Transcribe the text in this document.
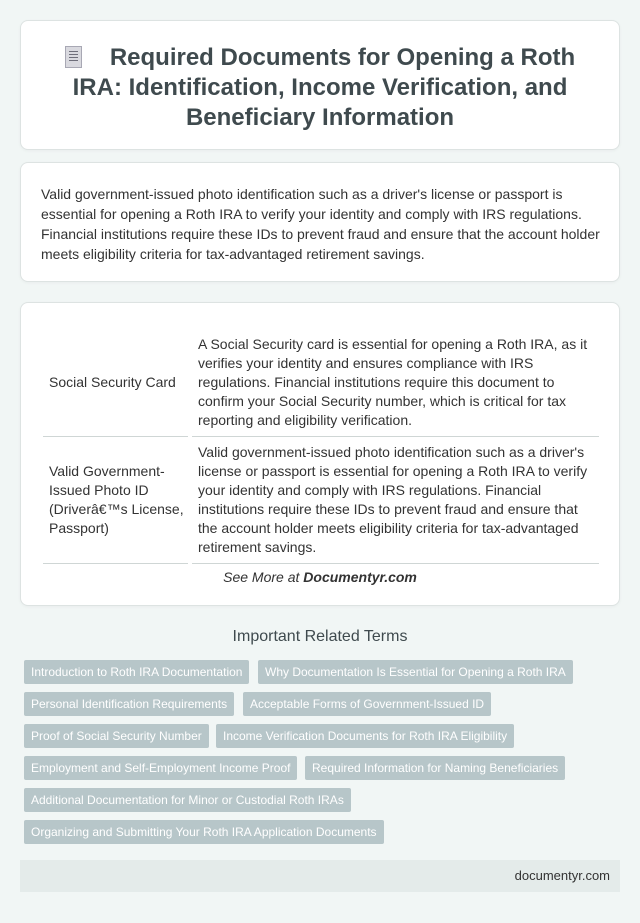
Required Documents for Opening a Roth IRA: Identification, Income Verification, and Beneficiary Information

Valid government-issued photo identification such as a driver's license or passport is essential for opening a Roth IRA to verify your identity and comply with IRS regulations. Financial institutions require these IDs to prevent fraud and ensure that the account holder meets eligibility criteria for tax-advantaged retirement savings.

Social Security Card	A Social Security card is essential for opening a Roth IRA, as it verifies your identity and ensures compliance with IRS regulations. Financial institutions require this document to confirm your Social Security number, which is critical for tax reporting and eligibility verification.
Valid Government-Issued Photo ID (Driverâ€™s License, Passport)	Valid government-issued photo identification such as a driver's license or passport is essential for opening a Roth IRA to verify your identity and comply with IRS regulations. Financial institutions require these IDs to prevent fraud and ensure that the account holder meets eligibility criteria for tax-advantaged retirement savings.
See More at Documentyr.com
Important Related Terms
Introduction to Roth IRA Documentation	Why Documentation Is Essential for Opening a Roth IRA
Personal Identification Requirements	Acceptable Forms of Government-Issued ID
Proof of Social Security Number	Income Verification Documents for Roth IRA Eligibility
Employment and Self-Employment Income Proof	Required Information for Naming Beneficiaries
Additional Documentation for Minor or Custodial Roth IRAs
Organizing and Submitting Your Roth IRA Application Documents
documentyr.com
